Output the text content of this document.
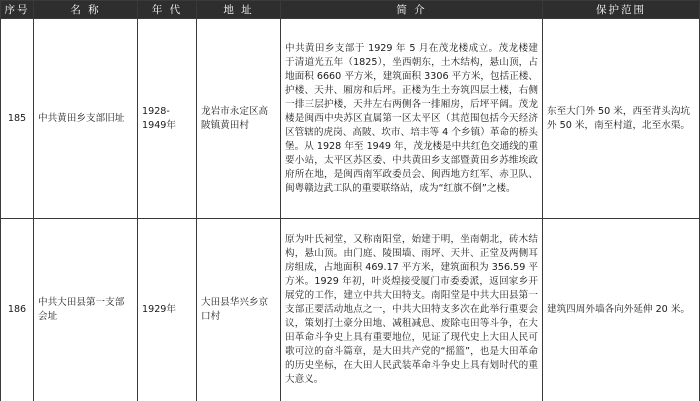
序号	名 称	年 代	地 址	简 介	保护范围
185	中共黄田乡支部旧址	1928-1949年	龙岩市永定区高陂镇黄田村	中共黄田乡支部于 1929 年 5 月在茂龙楼成立。茂龙楼建于清道光五年（1825），坐西朝东，土木结构，悬山顶，占地面积 6660 平方米，建筑面积 3306 平方米，包括正楼、护楼、天井、厢房和后坪。正楼为生土夯筑四层土楼，右侧一排三层护楼，天井左右两侧各一排厢房，后坪平阔。茂龙楼是闽西中央苏区直属第一区太平区（其范围包括今天经济区管辖的虎岗、高陂、坎市、培丰等 4 个乡镇）革命的桥头堡。从 1928 年至 1949 年，茂龙楼是中共红色交通线的重要小站，太平区苏区委、中共黄田乡支部暨黄田乡苏维埃政府所在地，是闽西南军政委员会、闽西地方红军、赤卫队、闽粤赣边武工队的重要联络站，成为“红旗不倒”之楼。	东至大门外 50 米，西至背头沟坑外 50 米，南至村道，北至水渠。
186	中共大田县第一支部会址	1929年	大田县华兴乡京口村	原为叶氏祠堂，又称南阳堂，始建于明，坐南朝北，砖木结构，悬山顶。由门庭、陵围墙、雨坪、天井、正堂及两侧耳房组成，占地面积 469.17 平方米，建筑面积为 356.59 平方米。1929 年初，叶炎煌接受厦门市委委派，返回家乡开展党的工作，建立中共大田特支。南阳堂是中共大田县第一支部正要活动地点之一，中共大田特支多次在此举行重要会议，策划打土豪分田地、减租减息、废除屯田等斗争，在大田革命斗争史上具有重要地位，见证了现代史上大田人民可歌可泣的奋斗篇章，是大田共产党的“摇篮”，也是大田革命的历史坐标，在大田人民武装革命斗争史上具有划时代的重大意义。	建筑四周外墙各向外延伸 20 米。
